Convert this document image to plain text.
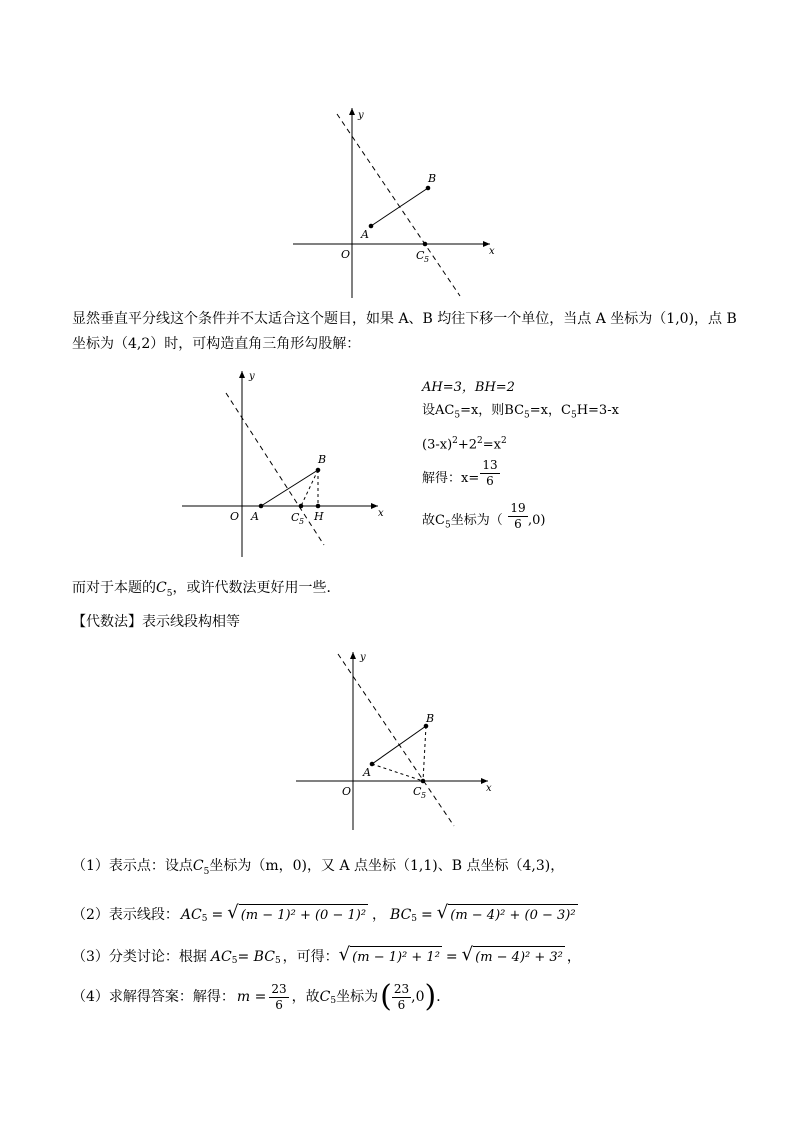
y
x
O
A
B
C 5
显然垂直平分线这个条件并不太适合这个题目，如果 A、B 均往下移一个单位，当点 A 坐标为（1,0)，点 B
坐标为（4,2）时，可构造直角三角形勾股解：
y
x
O A
B
C 5 H
AH=3，BH=2
设$AC_5=x$，则$BC_5=x$，$C_5H=3-x$
$(3-x)^2+2^2=x^2$
解得：$x= \frac{13}{6}$
故$C_5$坐标为（ $\frac{19}{6} ,0$)
而对于本题的$C_5$，或许代数法更好用一些．
【代数法】表示线段构相等
y
x
O
A
B
C 5
（1）表示点：设点$C_5$坐标为（m，0)，又 A 点坐标（1,1)、B 点坐标（4,3)，
（2）表示线段： $AC_5$ = √ (m − 1)² + (0 − 1)² ， $BC_5$ = √ (m − 4)² + (0 − 3)²
（3）分类讨论：根据 $AC_5 = BC_5$ ，可得： √ (m − 1)² + 1² = √ (m − 4)² + 3² ，
（4）求解得答案：解得： $m = \frac{23}{6}$ ，故 $C_5$ 坐标为 ( $\frac{23}{6} ,0$ ) ．
